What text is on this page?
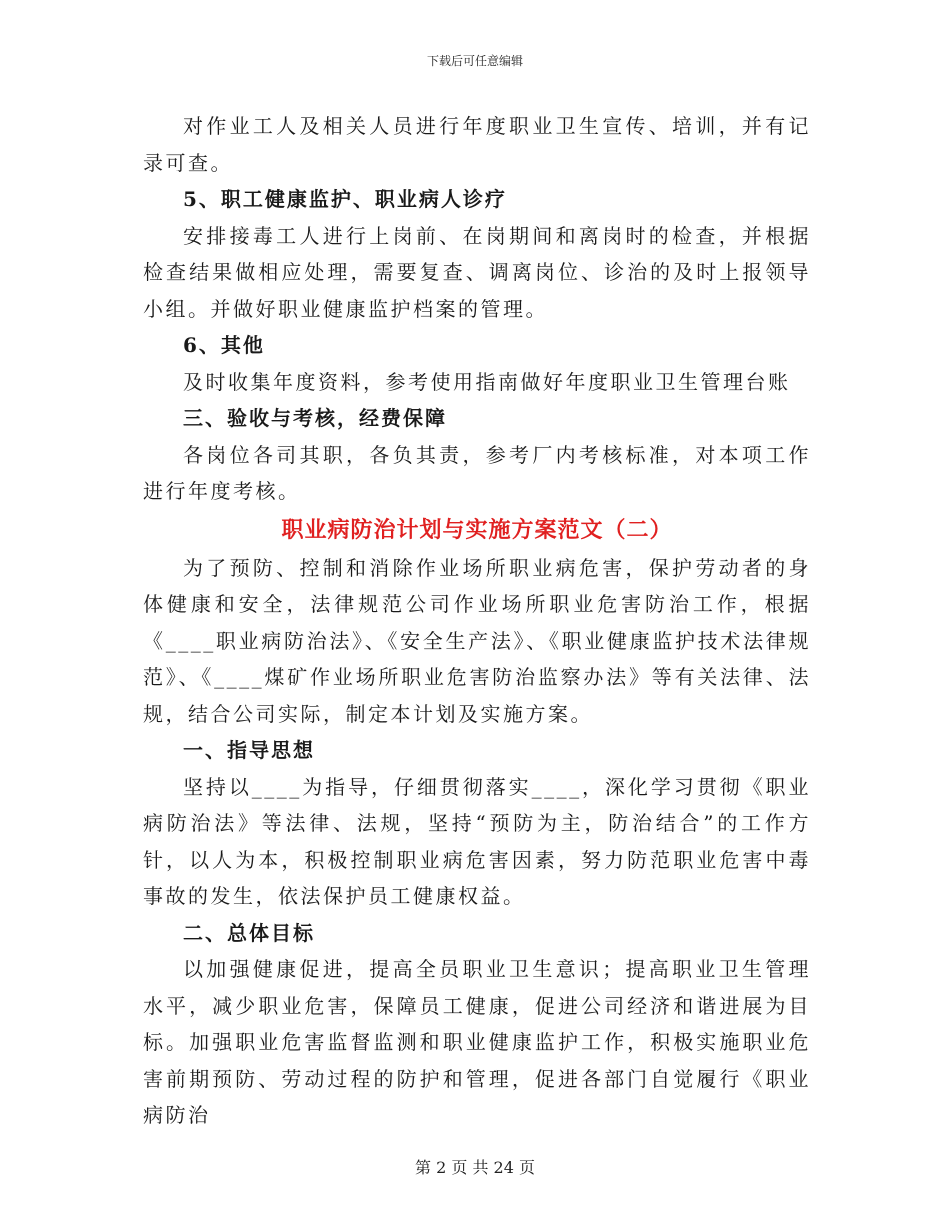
下载后可任意编辑

对作业工人及相关人员进行年度职业卫生宣传、培训，并有记录可查。

5、职工健康监护、职业病人诊疗

安排接毒工人进行上岗前、在岗期间和离岗时的检查，并根据检查结果做相应处理，需要复查、调离岗位、诊治的及时上报领导小组。并做好职业健康监护档案的管理。

6、其他

及时收集年度资料，参考使用指南做好年度职业卫生管理台账

三、验收与考核，经费保障

各岗位各司其职，各负其责，参考厂内考核标准，对本项工作进行年度考核。

职业病防治计划与实施方案范文（二）

为了预防、控制和消除作业场所职业病危害，保护劳动者的身体健康和安全，法律规范公司作业场所职业危害防治工作，根据《____职业病防治法》、《安全生产法》、《职业健康监护技术法律规范》、《____煤矿作业场所职业危害防治监察办法》等有关法律、法规，结合公司实际，制定本计划及实施方案。

一、指导思想

坚持以____为指导，仔细贯彻落实____，深化学习贯彻《职业病防治法》等法律、法规，坚持“预防为主，防治结合”的工作方针，以人为本，积极控制职业病危害因素，努力防范职业危害中毒事故的发生，依法保护员工健康权益。

二、总体目标

以加强健康促进，提高全员职业卫生意识；提高职业卫生管理水平，减少职业危害，保障员工健康，促进公司经济和谐进展为目标。加强职业危害监督监测和职业健康监护工作，积极实施职业危害前期预防、劳动过程的防护和管理，促进各部门自觉履行《职业病防治

第 2 页 共 24 页
